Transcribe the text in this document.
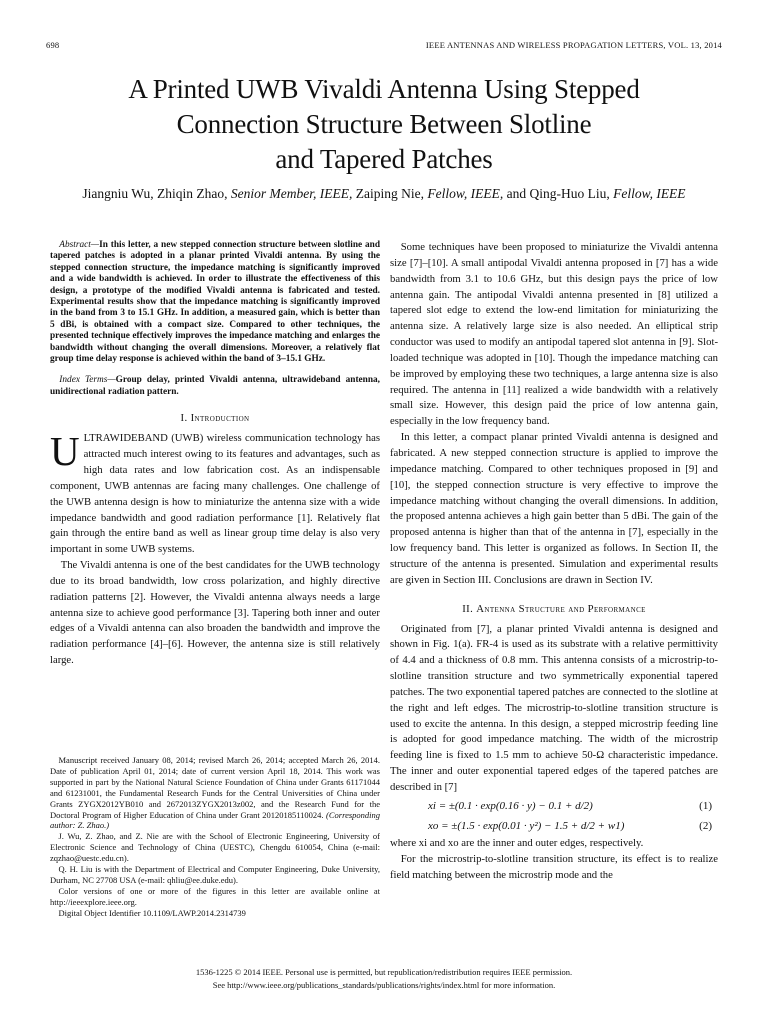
698	IEEE ANTENNAS AND WIRELESS PROPAGATION LETTERS, VOL. 13, 2014
A Printed UWB Vivaldi Antenna Using Stepped
Connection Structure Between Slotline
and Tapered Patches
Jiangniu Wu, Zhiqin Zhao, Senior Member, IEEE, Zaiping Nie, Fellow, IEEE, and Qing-Huo Liu, Fellow, IEEE

Abstract—In this letter, a new stepped connection structure between slotline and tapered patches is adopted in a planar printed Vivaldi antenna. By using the stepped connection structure, the impedance matching is significantly improved and a wide bandwidth is achieved. In order to illustrate the effectiveness of this design, a prototype of the modified Vivaldi antenna is fabricated and tested. Experimental results show that the impedance matching is significantly improved in the band from 3 to 15.1 GHz. In addition, a measured gain, which is better than 5 dBi, is obtained with a compact size. Compared to other techniques, the presented technique effectively improves the impedance matching and enlarges the bandwidth without changing the overall dimensions. Moreover, a relatively flat group time delay response is achieved within the band of 3–15.1 GHz.

Index Terms—Group delay, printed Vivaldi antenna, ultrawideband antenna, unidirectional radiation pattern.

I. Introduction

ULTRAWIDEBAND (UWB) wireless communication technology has attracted much interest owing to its features and advantages, such as high data rates and low fabrication cost. As an indispensable component, UWB antennas are facing many challenges. One challenge of the UWB antenna design is how to miniaturize the antenna size with a wide impedance bandwidth and good radiation performance [1]. Relatively flat gain through the entire band as well as linear group time delay is also very important in some UWB systems.

The Vivaldi antenna is one of the best candidates for the UWB technology due to its broad bandwidth, low cross polarization, and highly directive radiation patterns [2]. However, the Vivaldi antenna always needs a large antenna size to achieve good performance [3]. Tapering both inner and outer edges of a Vivaldi antenna can also broaden the bandwidth and improve the radiation performance [4]–[6]. However, the antenna size is still relatively large.

Manuscript received January 08, 2014; revised March 26, 2014; accepted March 26, 2014. Date of publication April 01, 2014; date of current version April 18, 2014. This work was supported in part by the National Natural Science Foundation of China under Grants 61171044 and 61231001, the Fundamental Research Funds for the Central Universities of China under Grants ZYGX2012YB010 and 2672013ZYGX2013z002, and the Research Fund for the Doctoral Program of Higher Education of China under Grant 20120185110024. (Corresponding author: Z. Zhao.)

J. Wu, Z. Zhao, and Z. Nie are with the School of Electronic Engineering, University of Electronic Science and Technology of China (UESTC), Chengdu 610054, China (e-mail: zqzhao@uestc.edu.cn).

Q. H. Liu is with the Department of Electrical and Computer Engineering, Duke University, Durham, NC 27708 USA (e-mail: qhliu@ee.duke.edu).

Color versions of one or more of the figures in this letter are available online at http://ieeexplore.ieee.org.

Digital Object Identifier 10.1109/LAWP.2014.2314739

Some techniques have been proposed to miniaturize the Vivaldi antenna size [7]–[10]. A small antipodal Vivaldi antenna proposed in [7] has a wide bandwidth from 3.1 to 10.6 GHz, but this design pays the price of low antenna gain. The antipodal Vivaldi antenna presented in [8] utilized a tapered slot edge to extend the low-end limitation for miniaturizing the antenna size. A relatively large size is also needed. An elliptical strip conductor was used to modify an antipodal tapered slot antenna in [9]. Slot-loaded technique was adopted in [10]. Though the impedance matching can be improved by employing these two techniques, a large antenna size is also required. The antenna in [11] realized a wide bandwidth with a relatively small size. However, this design paid the price of low antenna gain, especially in the low frequency band.

In this letter, a compact planar printed Vivaldi antenna is designed and fabricated. A new stepped connection structure is applied to improve the impedance matching. Compared to other techniques proposed in [9] and [10], the stepped connection structure is very effective to improve the impedance matching without changing the overall dimensions. In addition, the proposed antenna achieves a high gain better than 5 dBi. The gain of the proposed antenna is higher than that of the antenna in [7], especially in the low frequency band. This letter is organized as follows. In Section II, the structure of the antenna is presented. Simulation and experimental results are given in Section III. Conclusions are drawn in Section IV.

II. Antenna Structure and Performance

Originated from [7], a planar printed Vivaldi antenna is designed and shown in Fig. 1(a). FR-4 is used as its substrate with a relative permittivity of 4.4 and a thickness of 0.8 mm. This antenna consists of a microstrip-to-slotline transition structure and two symmetrically exponential tapered patches. The two exponential tapered patches are connected to the slotline at the right and left edges. The microstrip-to-slotline transition structure is used to excite the antenna. In this design, a stepped microstrip feeding line is adopted for good impedance matching. The width of the microstrip feeding line is fixed to 1.5 mm to achieve 50-Ω characteristic impedance. The inner and outer exponential tapered edges of the tapered patches are described in [7]

xi = ±(0.1 · exp(0.16 · y) − 0.1 + d/2)	(1)
xo = ±(1.5 · exp(0.01 · y²) − 1.5 + d/2 + w1)	(2)

where xi and xo are the inner and outer edges, respectively.

For the microstrip-to-slotline transition structure, its effect is to realize field matching between the microstrip mode and the

1536-1225 © 2014 IEEE. Personal use is permitted, but republication/redistribution requires IEEE permission.
See http://www.ieee.org/publications_standards/publications/rights/index.html for more information.
